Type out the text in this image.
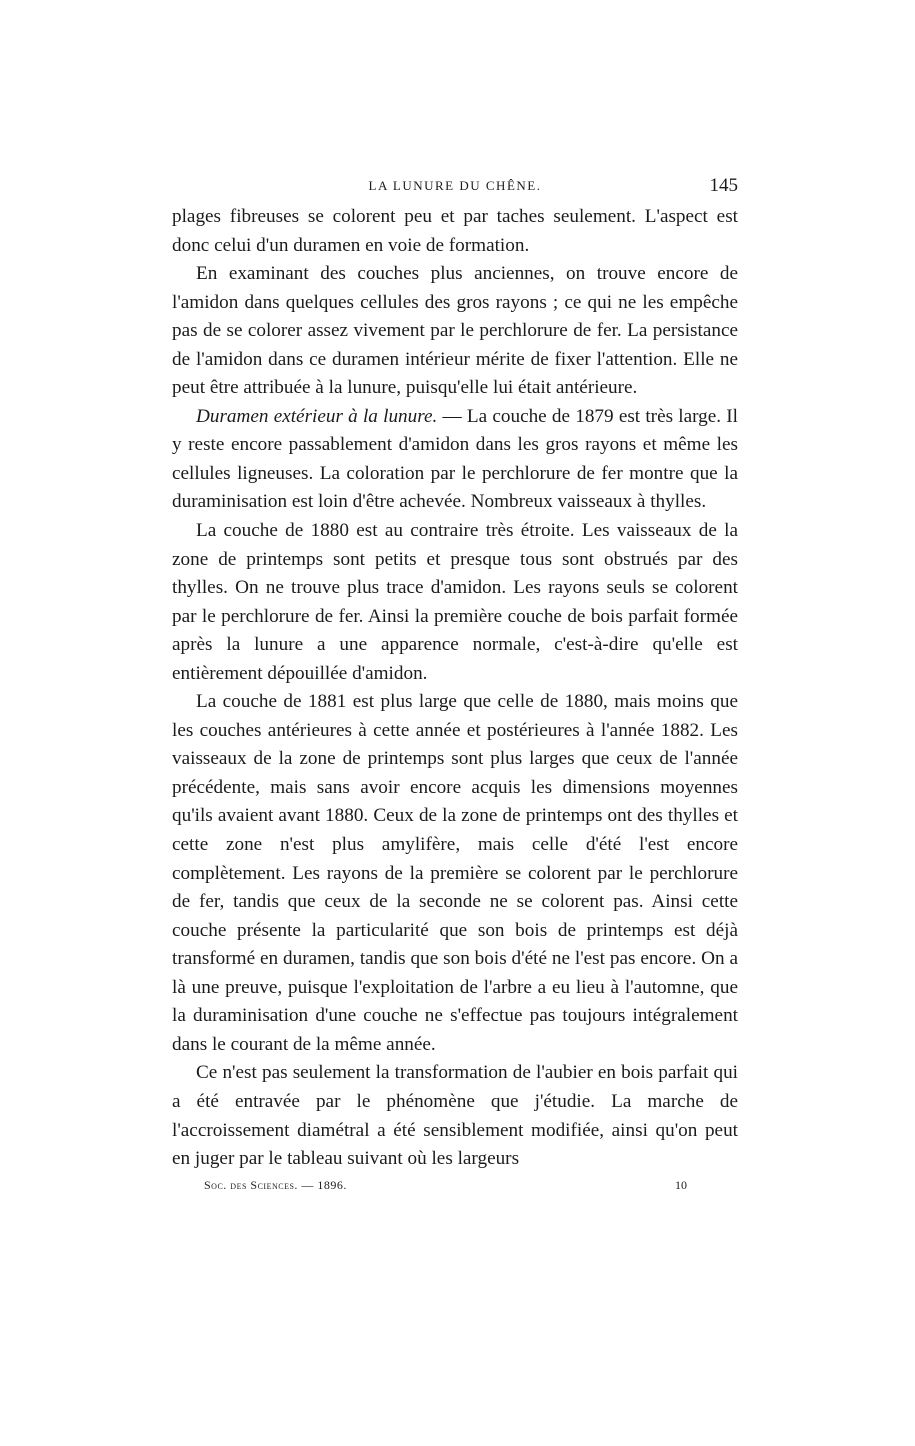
LA LUNURE DU CHÊNE.	145

plages fibreuses se colorent peu et par taches seulement. L'aspect est donc celui d'un duramen en voie de formation.

En examinant des couches plus anciennes, on trouve encore de l'amidon dans quelques cellules des gros rayons ; ce qui ne les empêche pas de se colorer assez vivement par le perchlorure de fer. La persistance de l'amidon dans ce duramen intérieur mérite de fixer l'attention. Elle ne peut être attribuée à la lunure, puisqu'elle lui était antérieure.

Duramen extérieur à la lunure. — La couche de 1879 est très large. Il y reste encore passablement d'amidon dans les gros rayons et même les cellules ligneuses. La coloration par le perchlorure de fer montre que la duraminisation est loin d'être achevée. Nombreux vaisseaux à thylles.

La couche de 1880 est au contraire très étroite. Les vaisseaux de la zone de printemps sont petits et presque tous sont obstrués par des thylles. On ne trouve plus trace d'amidon. Les rayons seuls se colorent par le perchlorure de fer. Ainsi la première couche de bois parfait formée après la lunure a une apparence normale, c'est-à-dire qu'elle est entièrement dépouillée d'amidon.

La couche de 1881 est plus large que celle de 1880, mais moins que les couches antérieures à cette année et postérieures à l'année 1882. Les vaisseaux de la zone de printemps sont plus larges que ceux de l'année précédente, mais sans avoir encore acquis les dimensions moyennes qu'ils avaient avant 1880. Ceux de la zone de printemps ont des thylles et cette zone n'est plus amylifère, mais celle d'été l'est encore complètement. Les rayons de la première se colorent par le perchlorure de fer, tandis que ceux de la seconde ne se colorent pas. Ainsi cette couche présente la particularité que son bois de printemps est déjà transformé en duramen, tandis que son bois d'été ne l'est pas encore. On a là une preuve, puisque l'exploitation de l'arbre a eu lieu à l'automne, que la duraminisation d'une couche ne s'effectue pas toujours intégralement dans le courant de la même année.

Ce n'est pas seulement la transformation de l'aubier en bois parfait qui a été entravée par le phénomène que j'étudie. La marche de l'accroissement diamétral a été sensiblement modifiée, ainsi qu'on peut en juger par le tableau suivant où les largeurs

Soc. des Sciences. — 1896.	10
